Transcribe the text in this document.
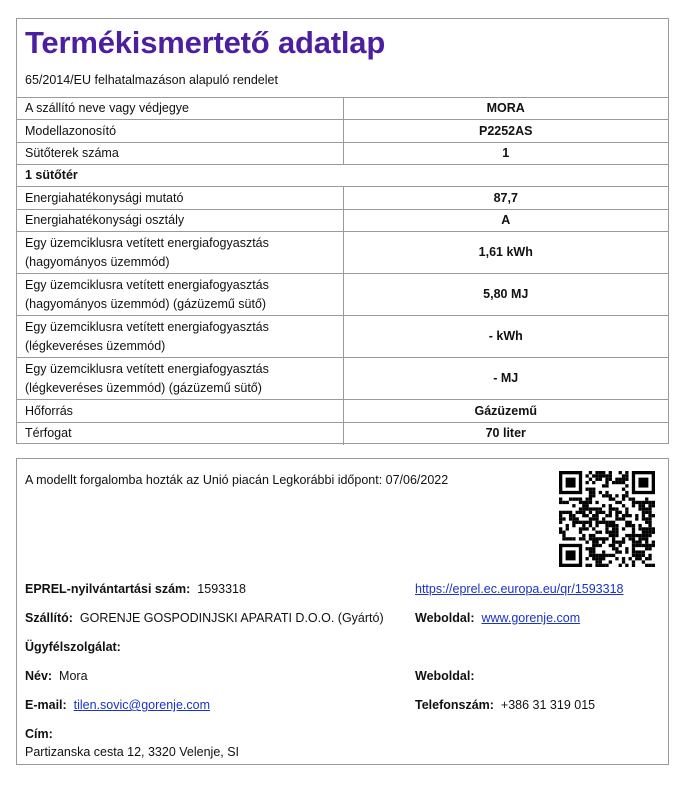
Termékismertető adatlap
65/2014/EU felhatalmazáson alapuló rendelet
A szállító neve vagy védjegye	MORA
Modellazonosító	P2252AS
Sütőterek száma	1
1 sütőtér	
Energiahatékonysági mutató	87,7
Energiahatékonysági osztály	A
Egy üzemciklusra vetített energiafogyasztás (hagyományos üzemmód)	1,61 kWh
Egy üzemciklusra vetített energiafogyasztás (hagyományos üzemmód) (gázüzemű sütő)	5,80 MJ
Egy üzemciklusra vetített energiafogyasztás (légkeveréses üzemmód)	- kWh
Egy üzemciklusra vetített energiafogyasztás (légkeveréses üzemmód) (gázüzemű sütő)	- MJ
Hőforrás	Gázüzemű
Térfogat	70 liter
A modellt forgalomba hozták az Unió piacán Legkorábbi időpont: 07/06/2022
EPREL-nyilvántartási szám: 1593318	https://eprel.ec.europa.eu/qr/1593318
Szállító: GORENJE GOSPODINJSKI APARATI D.O.O. (Gyártó)	Weboldal: www.gorenje.com
Ügyfélszolgálat:
Név: Mora	Weboldal:
E-mail: tilen.sovic@gorenje.com	Telefonszám: +386 31 319 015
Cím:
Partizanska cesta 12, 3320 Velenje, SI
